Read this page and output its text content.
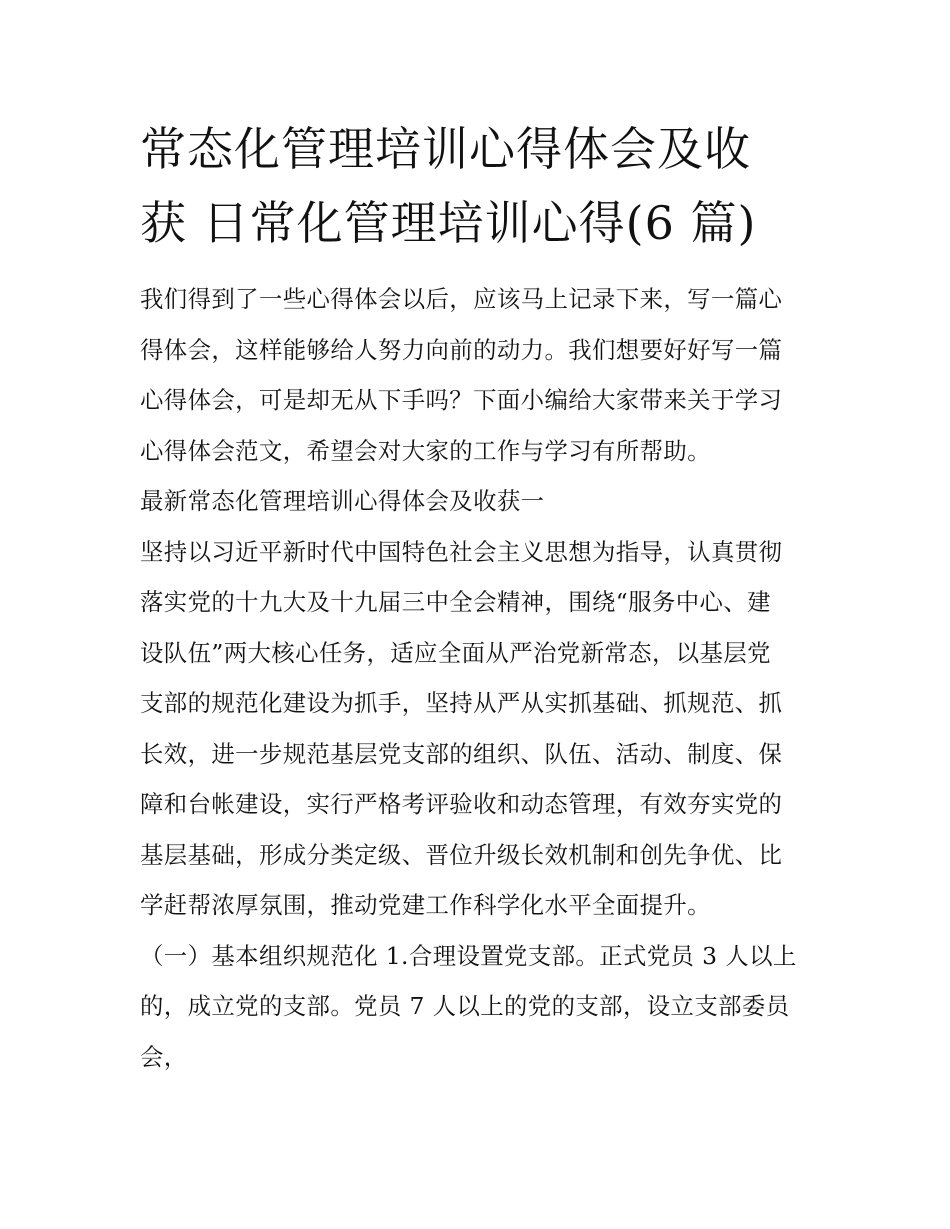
常态化管理培训心得体会及收
获 日常化管理培训心得(6 篇)

我们得到了一些心得体会以后，应该马上记录下来，写一篇心
得体会，这样能够给人努力向前的动力。我们想要好好写一篇
心得体会，可是却无从下手吗？下面小编给大家带来关于学习
心得体会范文，希望会对大家的工作与学习有所帮助。

最新常态化管理培训心得体会及收获一

坚持以习近平新时代中国特色社会主义思想为指导，认真贯彻
落实党的十九大及十九届三中全会精神，围绕“服务中心、建
设队伍”两大核心任务，适应全面从严治党新常态，以基层党
支部的规范化建设为抓手，坚持从严从实抓基础、抓规范、抓
长效，进一步规范基层党支部的组织、队伍、活动、制度、保
障和台帐建设，实行严格考评验收和动态管理，有效夯实党的
基层基础，形成分类定级、晋位升级长效机制和创先争优、比
学赶帮浓厚氛围，推动党建工作科学化水平全面提升。

（一）基本组织规范化 1.合理设置党支部。正式党员 3 人以上
的，成立党的支部。党员 7 人以上的党的支部，设立支部委员
会，
